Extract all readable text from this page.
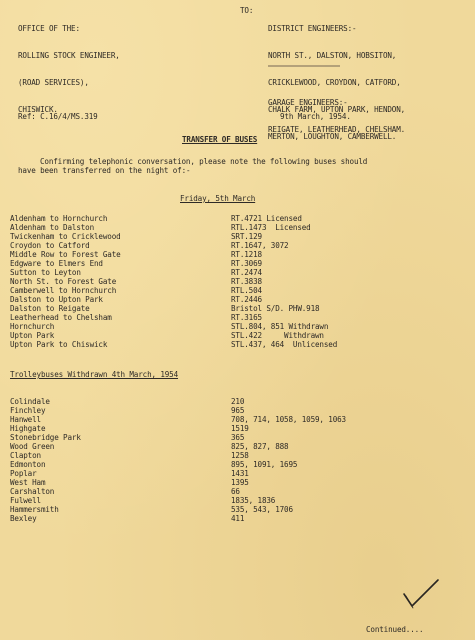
OFFICE OF THE:

ROLLING STOCK ENGINEER,

(ROAD SERVICES),

CHISWICK.

TO:

DISTRICT ENGINEERS:-

NORTH ST., DALSTON, HOBSITON,

CRICKLEWOOD, CROYDON, CATFORD,

CHALK FARM, UPTON PARK, HENDON,

MERTON, LOUGHTON, CAMBERWELL.

GARAGE ENGINEERS:-

REIGATE, LEATHERHEAD, CHELSHAM.

Ref: C.16/4/MS.319	9th March, 1954.
TRANSFER OF BUSES
Confirming telephonic conversation, please note the following buses should
have been transferred on the night of:-
Friday, 5th March
Aldenham to Hornchurch	RT.4721 Licensed
Aldenham to Dalston	RTL.1473  Licensed
Twickenham to Cricklewood	SRT.129
Croydon to Catford	RT.1647, 3072
Middle Row to Forest Gate	RT.1218
Edgware to Elmers End	RT.3069
Sutton to Leyton	RT.2474
North St. to Forest Gate	RT.3838
Camberwell to Hornchurch	RTL.504
Dalston to Upton Park	RT.2446
Dalston to Reigate	Bristol S/D. PHW.918
Leatherhead to Chelsham	RT.3165
Hornchurch	STL.804, 851 Withdrawn
Upton Park	STL.422     Withdrawn
Upton Park to Chiswick	STL.437, 464  Unlicensed
Trolleybuses Withdrawn 4th March, 1954
Colindale	210
Finchley	965
Hanwell	708, 714, 1058, 1059, 1063
Highgate	1519
Stonebridge Park	365
Wood Green	825, 827, 888
Clapton	1258
Edmonton	895, 1091, 1695
Poplar	1431
West Ham	1395
Carshalton	66
Fulwell	1835, 1836
Hammersmith	535, 543, 1706
Bexley	411
Continued....
